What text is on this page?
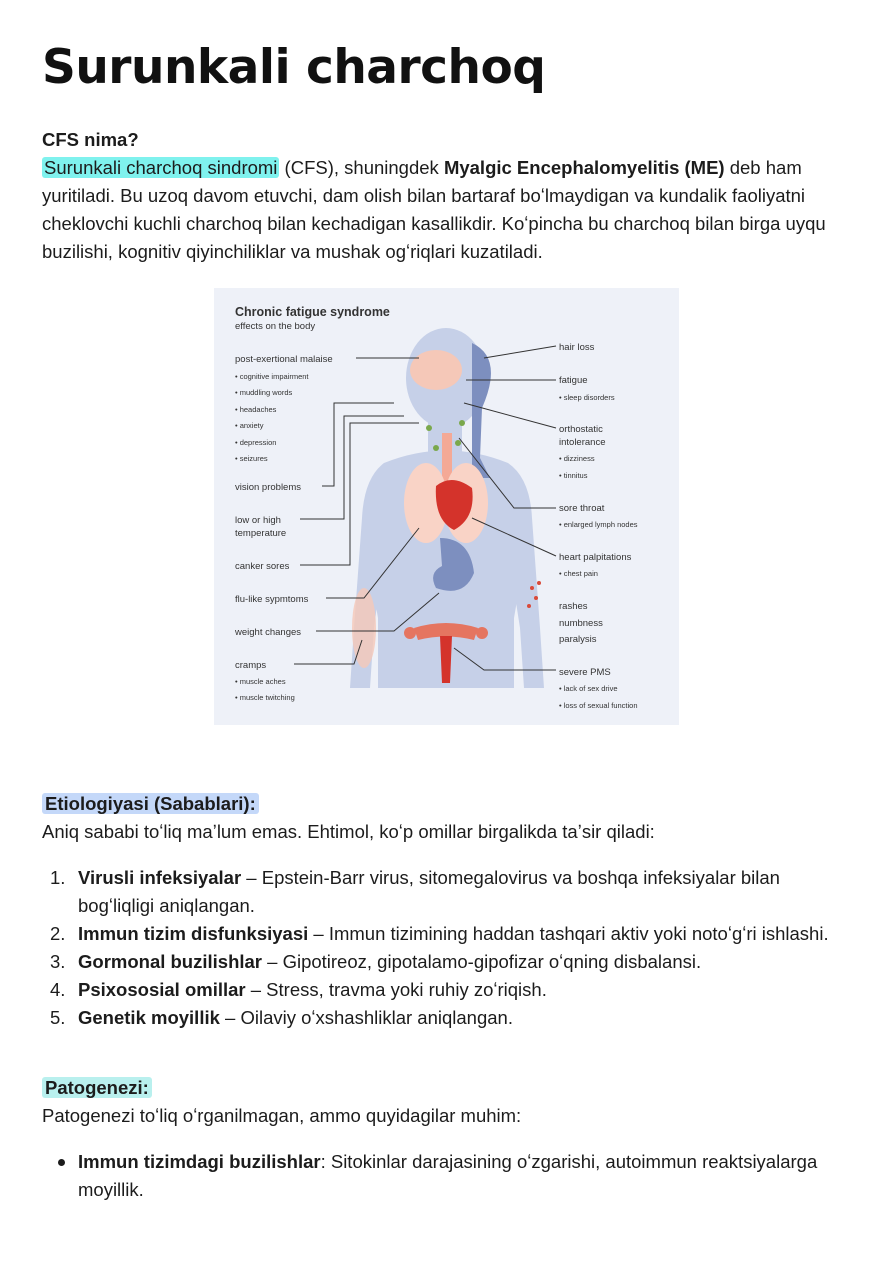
Surunkali charchoq
CFS nima?
Surunkali charchoq sindromi (CFS), shuningdek Myalgic Encephalomyelitis (ME) deb ham yuritiladi. Bu uzoq davom etuvchi, dam olish bilan bartaraf boʻlmaydigan va kundalik faoliyatni cheklovchi kuchli charchoq bilan kechadigan kasallikdir. Koʻpincha bu charchoq bilan birga uyqu buzilishi, kognitiv qiyinchiliklar va mushak ogʻriqlari kuzatiladi.
Chronic fatigue syndrome
effects on the body
post-exertional malaise
• cognitive impairment
• muddling words
• headaches
• anxiety
• depression
• seizures
vision problems
low or high
temperature
canker sores
flu-like sypmtoms
weight changes
cramps
• muscle aches
• muscle twitching
hair loss
fatigue
• sleep disorders
orthostatic
intolerance
• dizziness
• tinnitus
sore throat
• enlarged lymph nodes
heart palpitations
• chest pain
rashes
numbness
paralysis
severe PMS
• lack of sex drive
• loss of sexual function
Etiologiyasi (Sabablari):
Aniq sababi toʻliq maʼlum emas. Ehtimol, koʻp omillar birgalikda taʼsir qiladi:
1. Virusli infeksiyalar – Epstein-Barr virus, sitomegalovirus va boshqa infeksiyalar bilan bogʻliqligi aniqlangan.
2. Immun tizim disfunksiyasi – Immun tizimining haddan tashqari aktiv yoki notoʻgʻri ishlashi.
3. Gormonal buzilishlar – Gipotireoz, gipotalamo-gipofizar oʻqning disbalansi.
4. Psixososial omillar – Stress, travma yoki ruhiy zoʻriqish.
5. Genetik moyillik – Oilaviy oʻxshashliklar aniqlangan.
Patogenezi:
Patogenezi toʻliq oʻrganilmagan, ammo quyidagilar muhim:
Immun tizimdagi buzilishlar: Sitokinlar darajasining oʻzgarishi, autoimmun reaktsiyalarga moyillik.
